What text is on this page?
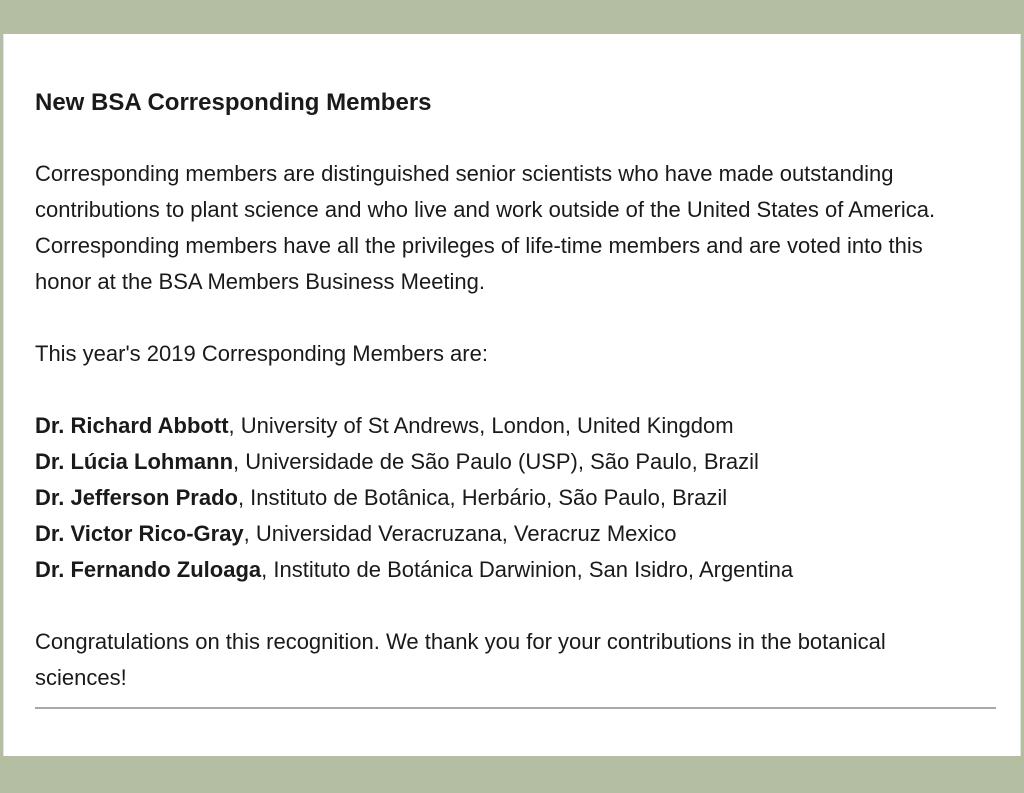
New BSA Corresponding Members

Corresponding members are distinguished senior scientists who have made outstanding contributions to plant science and who live and work outside of the United States of America. Corresponding members have all the privileges of life-time members and are voted into this honor at the BSA Members Business Meeting.

This year's 2019 Corresponding Members are:

Dr. Richard Abbott, University of St Andrews, London, United Kingdom
Dr. Lúcia Lohmann, Universidade de São Paulo (USP), São Paulo, Brazil
Dr. Jefferson Prado, Instituto de Botânica, Herbário, São Paulo, Brazil
Dr. Victor Rico-Gray, Universidad Veracruzana, Veracruz Mexico
Dr. Fernando Zuloaga, Instituto de Botánica Darwinion, San Isidro, Argentina

Congratulations on this recognition. We thank you for your contributions in the botanical sciences!
